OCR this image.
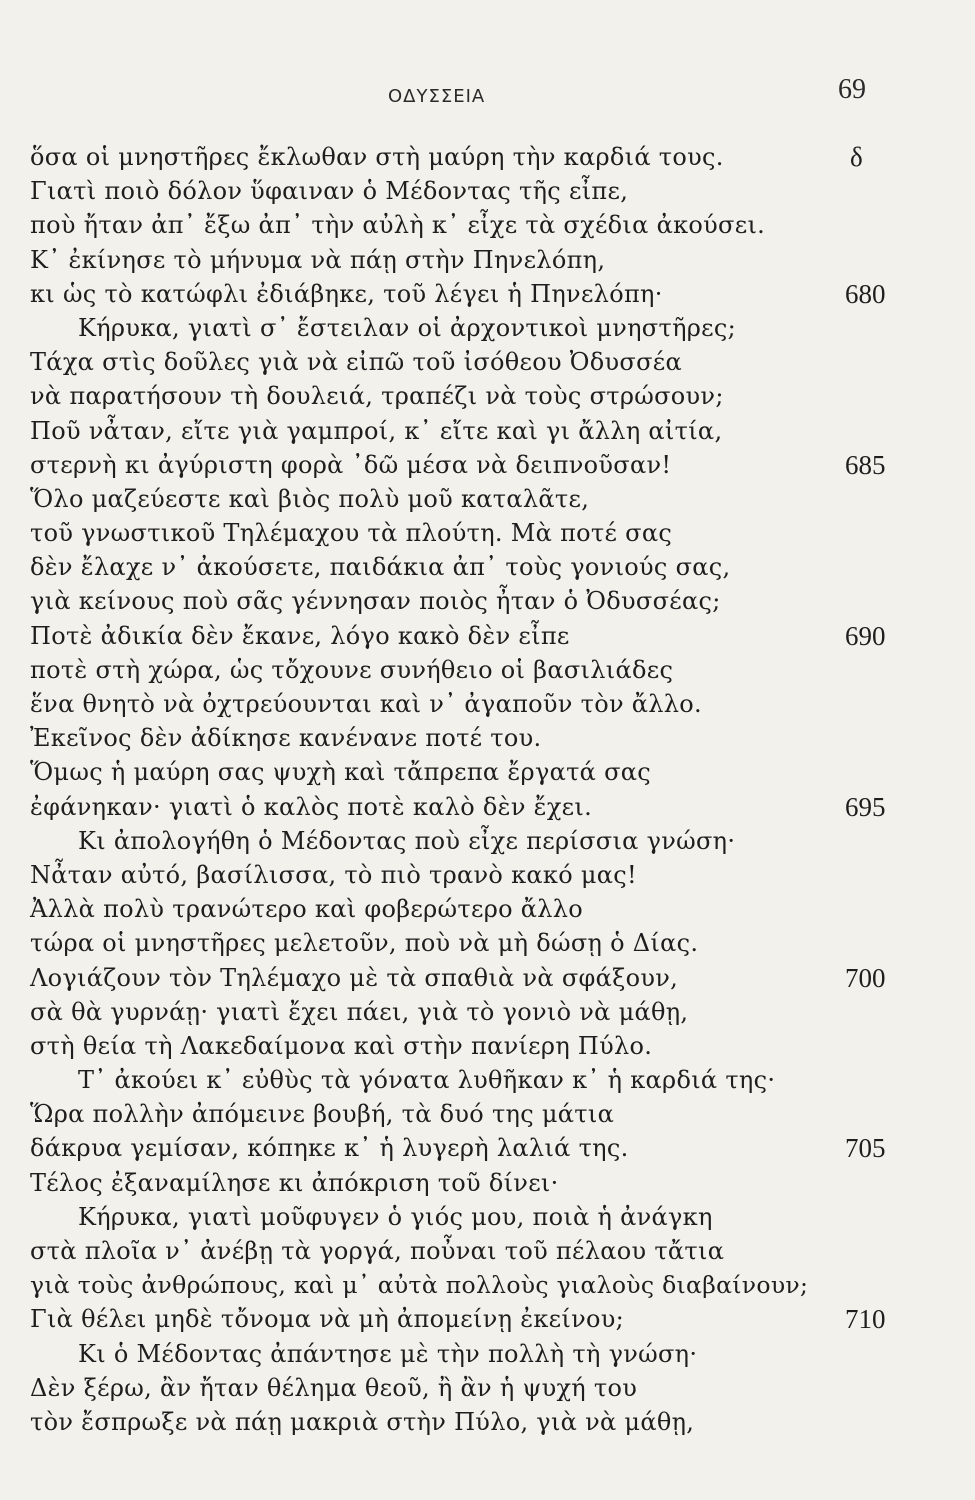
ΟΔΥΣΣΕΙΑ	69
ὅσα οἱ μνηστῆρες ἔκλωθαν στὴ μαύρη τὴν καρδιά τους.	δ
Γιατὶ ποιὸ δόλον ὕφαιναν ὁ Μέδοντας τῆς εἶπε,
ποὺ ἤταν ἀπ᾽ ἔξω ἀπ᾽ τὴν αὐλὴ κ᾽ εἶχε τὰ σχέδια ἀκούσει.
Κ᾽ ἐκίνησε τὸ μήνυμα νὰ πάῃ στὴν Πηνελόπη,
κι ὡς τὸ κατώφλι ἐδιάβηκε, τοῦ λέγει ἡ Πηνελόπη·	680
Κήρυκα, γιατὶ σ᾽ ἔστειλαν οἱ ἀρχοντικοὶ μνηστῆρες;
Τάχα στὶς δοῦλες γιὰ νὰ εἰπῶ τοῦ ἰσόθεου Ὀδυσσέα
νὰ παρατήσουν τὴ δουλειά, τραπέζι νὰ τοὺς στρώσουν;
Ποῦ νἆταν, εἴτε γιὰ γαμπροί, κ᾽ εἴτε καὶ γι ἄλλη αἰτία,
στερνὴ κι ἀγύριστη φορὰ ᾽δῶ μέσα νὰ δειπνοῦσαν!	685
Ὅλο μαζεύεστε καὶ βιὸς πολὺ μοῦ καταλᾶτε,
τοῦ γνωστικοῦ Τηλέμαχου τὰ πλούτη. Μὰ ποτέ σας
δὲν ἔλαχε ν᾽ ἀκούσετε, παιδάκια ἀπ᾽ τοὺς γονιούς σας,
γιὰ κείνους ποὺ σᾶς γέννησαν ποιὸς ἦταν ὁ Ὀδυσσέας;
Ποτὲ ἀδικία δὲν ἔκανε, λόγο κακὸ δὲν εἶπε	690
ποτὲ στὴ χώρα, ὡς τὄχουνε συνήθειο οἱ βασιλιάδες
ἕνα θνητὸ νὰ ὀχτρεύουνται καὶ ν᾽ ἀγαποῦν τὸν ἄλλο.
Ἐκεῖνος δὲν ἀδίκησε κανένανε ποτέ του.
Ὅμως ἡ μαύρη σας ψυχὴ καὶ τἄπρεπα ἔργατά σας
ἐφάνηκαν· γιατὶ ὁ καλὸς ποτὲ καλὸ δὲν ἔχει.	695
Κι ἀπολογήθη ὁ Μέδοντας ποὺ εἶχε περίσσια γνώση·
Νἆταν αὐτό, βασίλισσα, τὸ πιὸ τρανὸ κακό μας!
Ἀλλὰ πολὺ τρανώτερο καὶ φοβερώτερο ἄλλο
τώρα οἱ μνηστῆρες μελετοῦν, ποὺ νὰ μὴ δώσῃ ὁ Δίας.
Λογιάζουν τὸν Τηλέμαχο μὲ τὰ σπαθιὰ νὰ σφάξουν,	700
σὰ θὰ γυρνάῃ· γιατὶ ἔχει πάει, γιὰ τὸ γονιὸ νὰ μάθῃ,
στὴ θεία τὴ Λακεδαίμονα καὶ στὴν πανίερη Πύλο.
Τ᾽ ἀκούει κ᾽ εὐθὺς τὰ γόνατα λυθῆκαν κ᾽ ἡ καρδιά της·
Ὥρα πολλὴν ἀπόμεινε βουβή, τὰ δυό της μάτια
δάκρυα γεμίσαν, κόπηκε κ᾽ ἡ λυγερὴ λαλιά της.	705
Τέλος ἐξαναμίλησε κι ἀπόκριση τοῦ δίνει·
Κήρυκα, γιατὶ μοῦφυγεν ὁ γιός μου, ποιὰ ἡ ἀνάγκη
στὰ πλοῖα ν᾽ ἀνέβῃ τὰ γοργά, ποὖναι τοῦ πέλαου τἄτια
γιὰ τοὺς ἀνθρώπους, καὶ μ᾽ αὐτὰ πολλοὺς γιαλοὺς διαβαίνουν;
Γιὰ θέλει μηδὲ τὄνομα νὰ μὴ ἀπομείνῃ ἐκείνου;	710
Κι ὁ Μέδοντας ἀπάντησε μὲ τὴν πολλὴ τὴ γνώση·
Δὲν ξέρω, ἂν ἤταν θέλημα θεοῦ, ἢ ἂν ἡ ψυχή του
τὸν ἔσπρωξε νὰ πάῃ μακριὰ στὴν Πύλο, γιὰ νὰ μάθῃ,
